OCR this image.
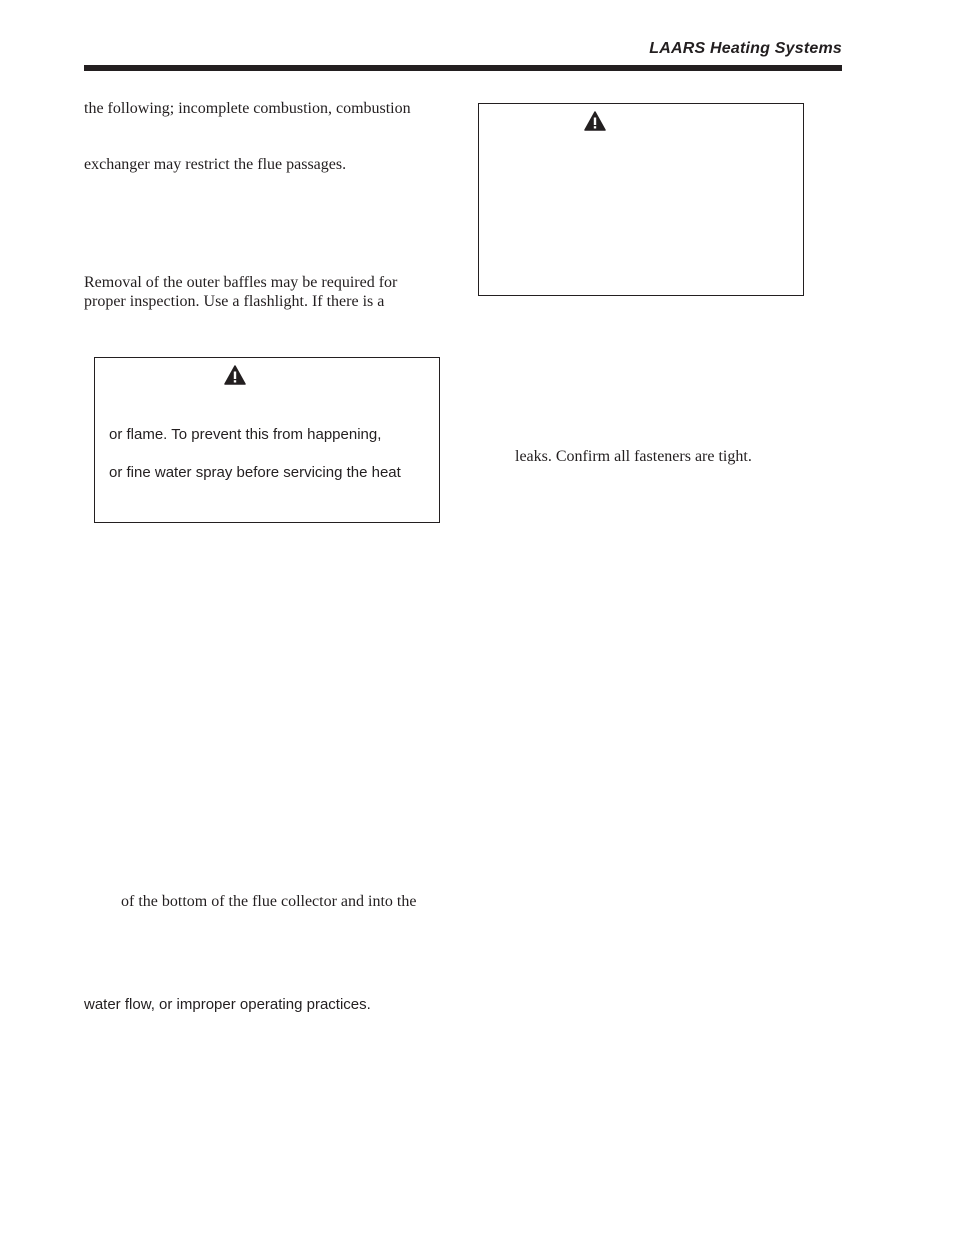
LAARS Heating Systems
the following; incomplete combustion, combustion
exchanger may restrict the flue passages.
Removal of the outer baffles may be required for
proper inspection. Use a flashlight. If there is a
or flame. To prevent this from happening,
or fine water spray before servicing the heat
of the bottom of the flue collector and into the
water flow, or improper operating practices.
leaks. Confirm all fasteners are tight.
